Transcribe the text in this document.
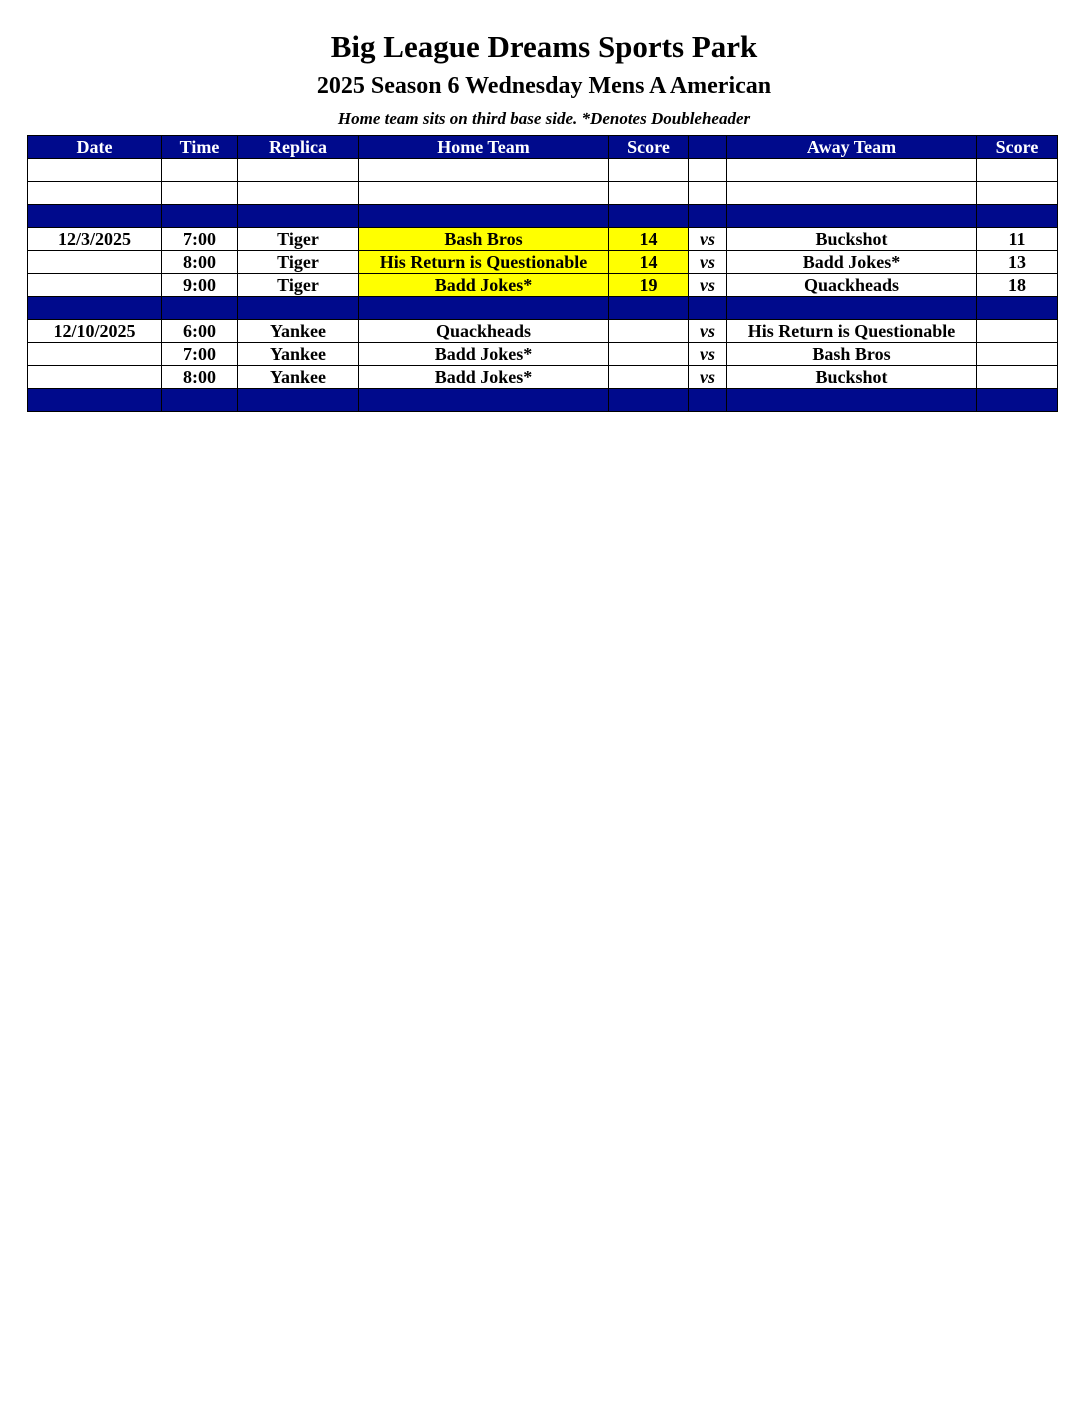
Big League Dreams Sports Park
2025 Season 6 Wednesday Mens A American
Home team sits on third base side. *Denotes Doubleheader
Date	Time	Replica	Home Team	Score		Away Team	Score

12/3/2025	7:00	Tiger	Bash Bros	14	vs	Buckshot	11
	8:00	Tiger	His Return is Questionable	14	vs	Badd Jokes*	13
	9:00	Tiger	Badd Jokes*	19	vs	Quackheads	18

12/10/2025	6:00	Yankee	Quackheads		vs	His Return is Questionable	
	7:00	Yankee	Badd Jokes*		vs	Bash Bros	
	8:00	Yankee	Badd Jokes*		vs	Buckshot	
